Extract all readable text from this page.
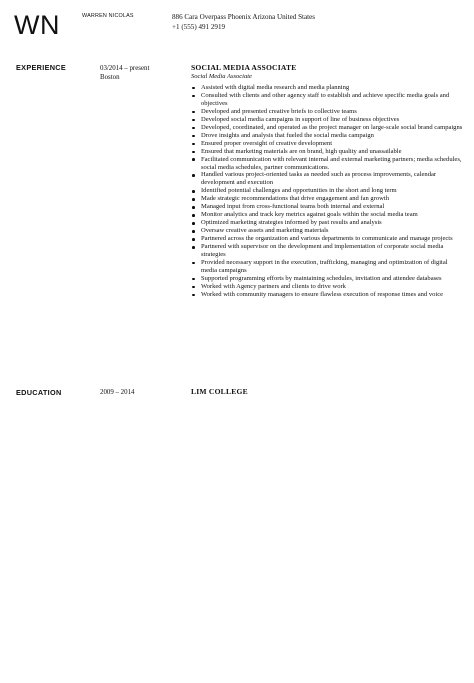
WN	WARREN NICOLAS	886 Cara Overpass Phoenix Arizona United States
+1 (555) 491 2919
EXPERIENCE	03/2014 – present
Boston
SOCIAL MEDIA ASSOCIATE
Social Media Associate
Assisted with digital media research and media planning
Consulted with clients and other agency staff to establish and achieve specific media goals and objectives
Developed and presented creative briefs to collective teams
Developed social media campaigns in support of line of business objectives
Developed, coordinated, and operated as the project manager on large-scale social brand campaigns
Drove insights and analysis that fueled the social media campaign
Ensured proper oversight of creative development
Ensured that marketing materials are on brand, high quality and unassailable
Facilitated communication with relevant internal and external marketing partners; media schedules, social media schedules, partner communications.
Handled various project-oriented tasks as needed such as process improvements, calendar development and execution
Identified potential challenges and opportunities in the short and long term
Made strategic recommendations that drive engagement and fan growth
Managed input from cross-functional teams both internal and external
Monitor analytics and track key metrics against goals within the social media team
Optimized marketing strategies informed by past results and analysis
Oversaw creative assets and marketing materials
Partnered across the organization and various departments to communicate and manage projects
Partnered with supervisor on the development and implementation of corporate social media strategies
Provided necessary support in the execution, trafficking, managing and optimization of digital media campaigns
Supported programming efforts by maintaining schedules, invitation and attendee databases
Worked with Agency partners and clients to drive work
Worked with community managers to ensure flawless execution of response times and voice
EDUCATION	2009 – 2014	LIM COLLEGE
